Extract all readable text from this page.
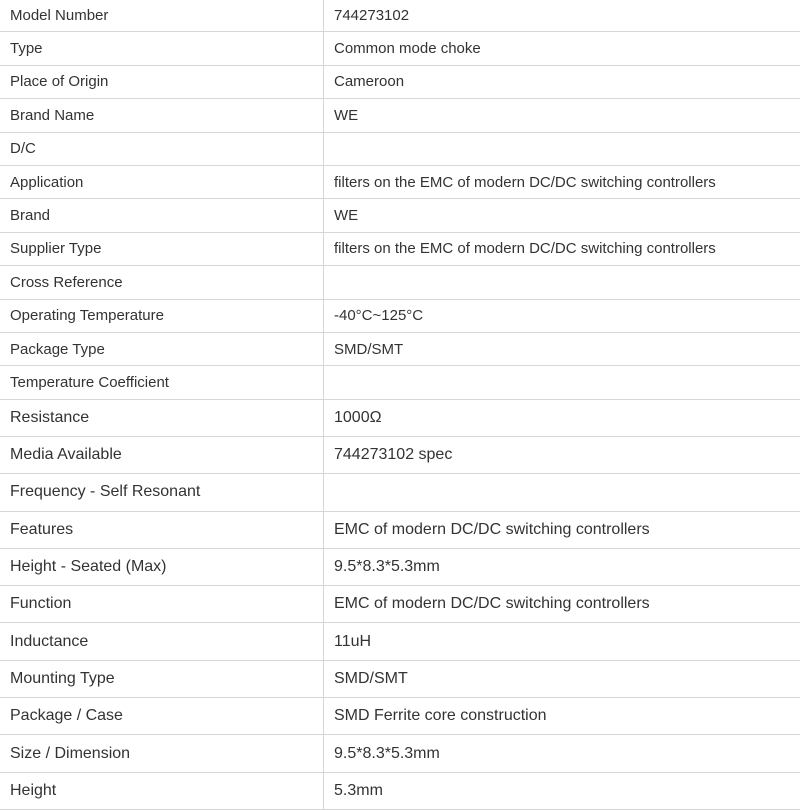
Model Number	744273102
Type	Common mode choke
Place of Origin	Cameroon
Brand Name	WE
D/C	
Application	filters on the EMC of modern DC/DC switching controllers
Brand	WE
Supplier Type	filters on the EMC of modern DC/DC switching controllers
Cross Reference	
Operating Temperature	-40°C~125°C
Package Type	SMD/SMT
Temperature Coefficient	
Resistance	1000Ω
Media Available	744273102 spec
Frequency - Self Resonant	
Features	EMC of modern DC/DC switching controllers
Height - Seated (Max)	9.5*8.3*5.3mm
Function	EMC of modern DC/DC switching controllers
Inductance	11uH
Mounting Type	SMD/SMT
Package / Case	SMD Ferrite core construction
Size / Dimension	9.5*8.3*5.3mm
Height	5.3mm
